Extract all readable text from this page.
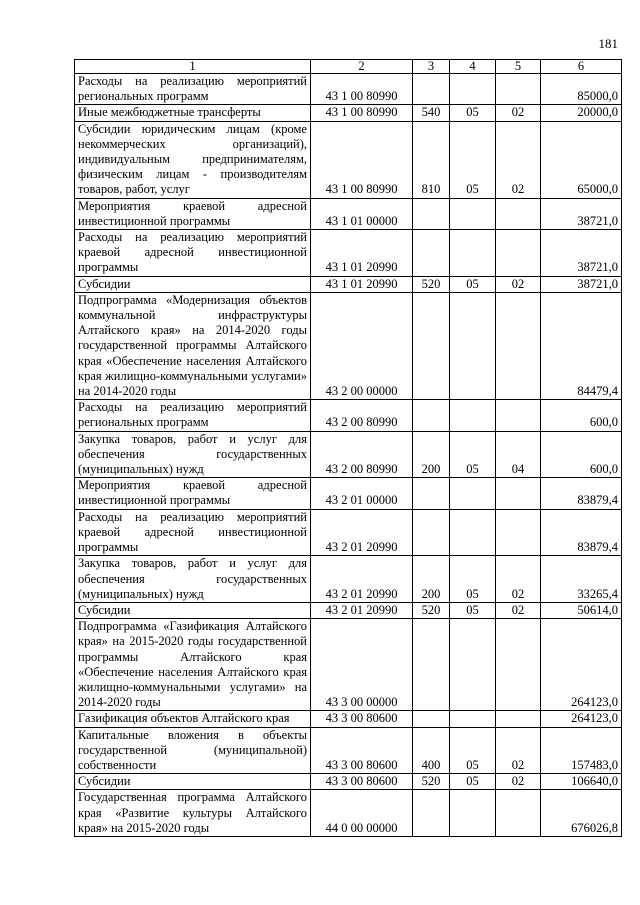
181
1	2	3	4	5	6
Расходы на реализацию мероприятий региональных программ	43 1 00 80990				85000,0
Иные межбюджетные трансферты	43 1 00 80990	540	05	02	20000,0
Субсидии юридическим лицам (кроме некоммерческих организаций), индивидуальным предпринимателям, физическим лицам - производителям товаров, работ, услуг	43 1 00 80990	810	05	02	65000,0
Мероприятия краевой адресной инвестиционной программы	43 1 01 00000				38721,0
Расходы на реализацию мероприятий краевой адресной инвестиционной программы	43 1 01 20990				38721,0
Субсидии	43 1 01 20990	520	05	02	38721,0
Подпрограмма «Модернизация объектов коммунальной инфраструктуры Алтайского края» на 2014-2020 годы государственной программы Алтайского края «Обеспечение населения Алтайского края жилищно-коммунальными услугами» на 2014-2020 годы	43 2 00 00000				84479,4
Расходы на реализацию мероприятий региональных программ	43 2 00 80990				600,0
Закупка товаров, работ и услуг для обеспечения государственных (муниципальных) нужд	43 2 00 80990	200	05	04	600,0
Мероприятия краевой адресной инвестиционной программы	43 2 01 00000				83879,4
Расходы на реализацию мероприятий краевой адресной инвестиционной программы	43 2 01 20990				83879,4
Закупка товаров, работ и услуг для обеспечения государственных (муниципальных) нужд	43 2 01 20990	200	05	02	33265,4
Субсидии	43 2 01 20990	520	05	02	50614,0
Подпрограмма «Газификация Алтайского края» на 2015-2020 годы государственной программы Алтайского края «Обеспечение населения Алтайского края жилищно-коммунальными услугами» на 2014-2020 годы	43 3 00 00000				264123,0
Газификация объектов Алтайского края	43 3 00 80600				264123,0
Капитальные вложения в объекты государственной (муниципальной) собственности	43 3 00 80600	400	05	02	157483,0
Субсидии	43 3 00 80600	520	05	02	106640,0
Государственная программа Алтайского края «Развитие культуры Алтайского края» на 2015-2020 годы	44 0 00 00000				676026,8
